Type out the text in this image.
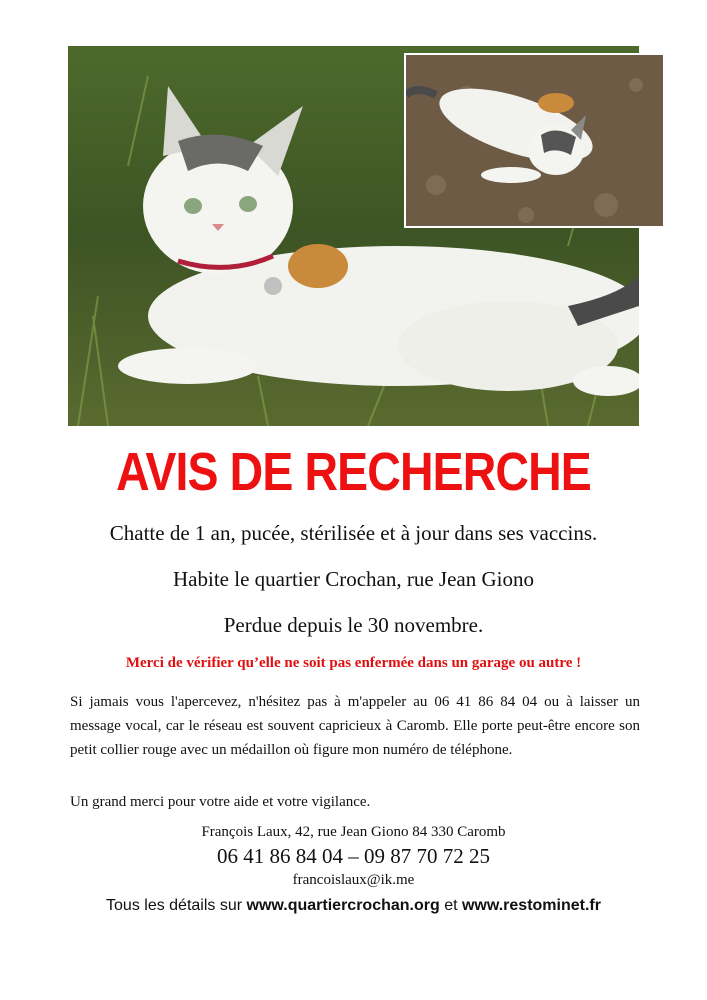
AVIS DE RECHERCHE
Chatte de 1 an, pucée, stérilisée et à jour dans ses vaccins.
Habite le quartier Crochan, rue Jean Giono
Perdue depuis le 30 novembre.
Merci de vérifier qu’elle ne soit pas enfermée dans un garage ou autre !
Si jamais vous l'apercevez, n'hésitez pas à m'appeler au 06 41 86 84 04 ou à laisser un message vocal, car le réseau est souvent capricieux à Caromb. Elle porte peut-être encore son petit collier rouge avec un médaillon où figure mon numéro de téléphone.
Un grand merci pour votre aide et votre vigilance.
François Laux, 42, rue Jean Giono 84 330 Caromb
06 41 86 84 04 – 09 87 70 72 25
francoislaux@ik.me
Tous les détails sur www.quartiercrochan.org et www.restominet.fr
